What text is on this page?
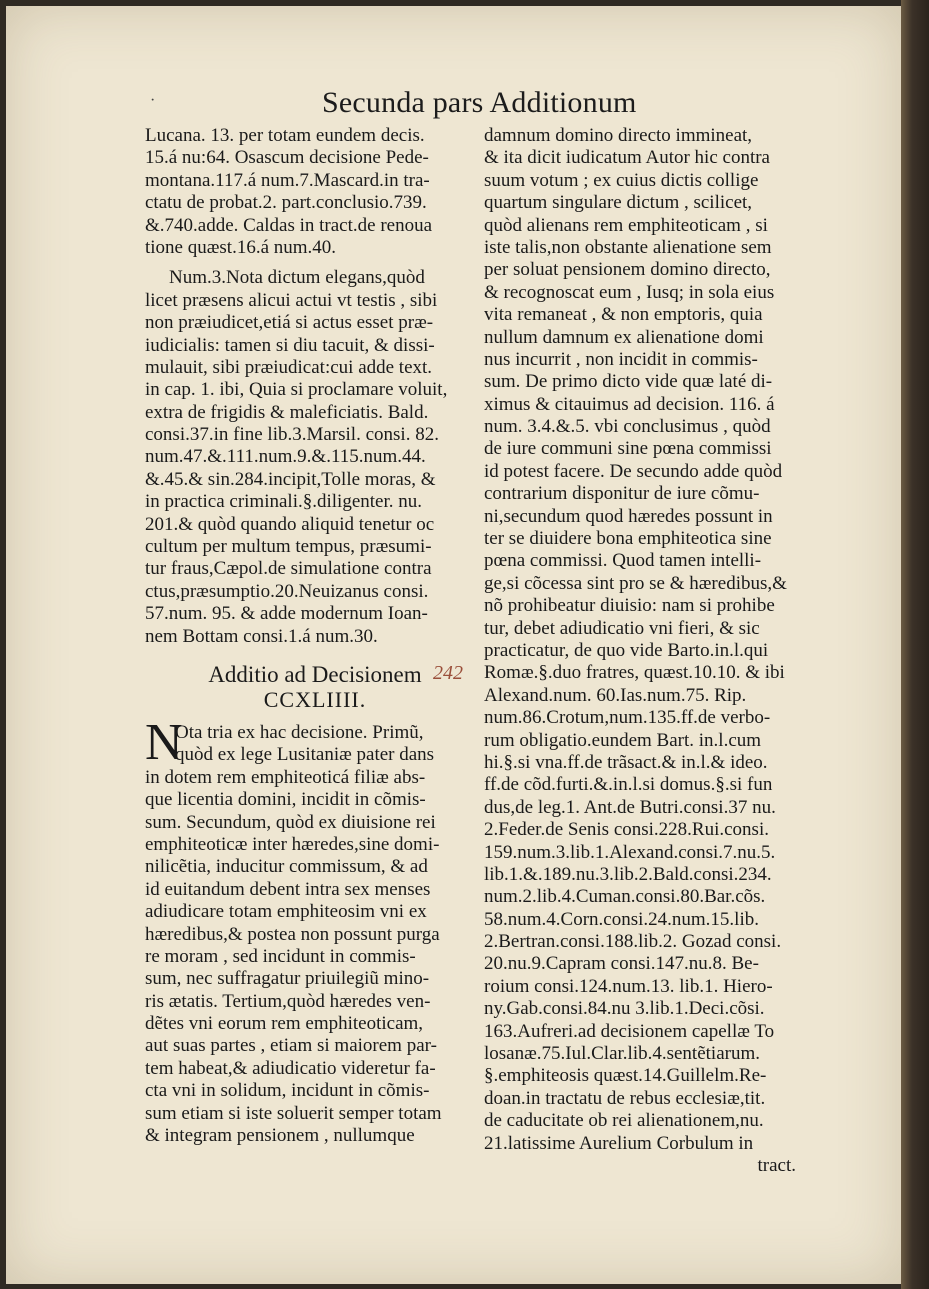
·	Secunda pars Additionum
Lucana. 13. per totam eundem decis.
15.á nu:64. Osascum decisione Pede-
montana.117.á num.7.Mascard.in tra-
ctatu de probat.2. part.conclusio.739.
&.740.adde. Caldas in tract.de renoua
tione quæst.16.á num.40.
Num.3.Nota dictum elegans,quòd
licet præsens alicui actui vt testis , sibi
non præiudicet,etiá si actus esset præ-
iudicialis: tamen si diu tacuit, & dissi-
mulauit, sibi præiudicat:cui adde text.
in cap. 1. ibi, Quia si proclamare voluit,
extra de frigidis & maleficiatis. Bald.
consi.37.in fine lib.3.Marsil. consi. 82.
num.47.&.111.num.9.&.115.num.44.
&.45.& sin.284.incipit,Tolle moras, &
in practica criminali.§.diligenter. nu.
201.& quòd quando aliquid tenetur oc
cultum per multum tempus, præsumi-
tur fraus,Cæpol.de simulatione contra
ctus,præsumptio.20.Neuizanus consi.
57.num. 95. & adde modernum Ioan-
nem Bottam consi.1.á num.30.
Additio ad Decisionem 242
CCXLIIII.
N
Ota tria ex hac decisione. Primũ,
quòd ex lege Lusitaniæ pater dans
in dotem rem emphiteoticá filiæ abs-
que licentia domini, incidit in cõmis-
sum. Secundum, quòd ex diuisione rei
emphiteoticæ inter hæredes,sine domi-
nilicẽtia, inducitur commissum, & ad
id euitandum debent intra sex menses
adiudicare totam emphiteosim vni ex
hæredibus,& postea non possunt purga
re moram , sed incidunt in commis-
sum, nec suffragatur priuilegiũ mino-
ris ætatis. Tertium,quòd hæredes ven-
dẽtes vni eorum rem emphiteoticam,
aut suas partes , etiam si maiorem par-
tem habeat,& adiudicatio videretur fa-
cta vni in solidum, incidunt in cõmis-
sum etiam si iste soluerit semper totam
& integram pensionem , nullumque
damnum domino directo immineat,
& ita dicit iudicatum Autor hic contra
suum votum ; ex cuius dictis collige
quartum singulare dictum , scilicet,
quòd alienans rem emphiteoticam , si
iste talis,non obstante alienatione sem
per soluat pensionem domino directo,
& recognoscat eum , Iusq; in sola eius
vita remaneat , & non emptoris, quia
nullum damnum ex alienatione domi
nus incurrit , non incidit in commis-
sum. De primo dicto vide quæ laté di-
ximus & citauimus ad decision. 116. á
num. 3.4.&.5. vbi conclusimus , quòd
de iure communi sine pœna commissi
id potest facere. De secundo adde quòd
contrarium disponitur de iure cõmu-
ni,secundum quod hæredes possunt in
ter se diuidere bona emphiteotica sine
pœna commissi. Quod tamen intelli-
ge,si cõcessa sint pro se & hæredibus,&
nõ prohibeatur diuisio: nam si prohibe
tur, debet adiudicatio vni fieri, & sic
practicatur, de quo vide Barto.in.l.qui
Romæ.§.duo fratres, quæst.10.10. & ibi
Alexand.num. 60.Ias.num.75. Rip.
num.86.Crotum,num.135.ff.de verbo-
rum obligatio.eundem Bart. in.l.cum
hi.§.si vna.ff.de trãsact.& in.l.& ideo.
ff.de cõd.furti.&.in.l.si domus.§.si fun
dus,de leg.1. Ant.de Butri.consi.37 nu.
2.Feder.de Senis consi.228.Rui.consi.
159.num.3.lib.1.Alexand.consi.7.nu.5.
lib.1.&.189.nu.3.lib.2.Bald.consi.234.
num.2.lib.4.Cuman.consi.80.Bar.cõs.
58.num.4.Corn.consi.24.num.15.lib.
2.Bertran.consi.188.lib.2. Gozad consi.
20.nu.9.Capram consi.147.nu.8. Be-
roium consi.124.num.13. lib.1. Hiero-
ny.Gab.consi.84.nu 3.lib.1.Deci.cõsi.
163.Aufreri.ad decisionem capellæ To
losanæ.75.Iul.Clar.lib.4.sentẽtiarum.
§.emphiteosis quæst.14.Guillelm.Re-
doan.in tractatu de rebus ecclesiæ,tit.
de caducitate ob rei alienationem,nu.
21.latissime Aurelium Corbulum in
tract.
